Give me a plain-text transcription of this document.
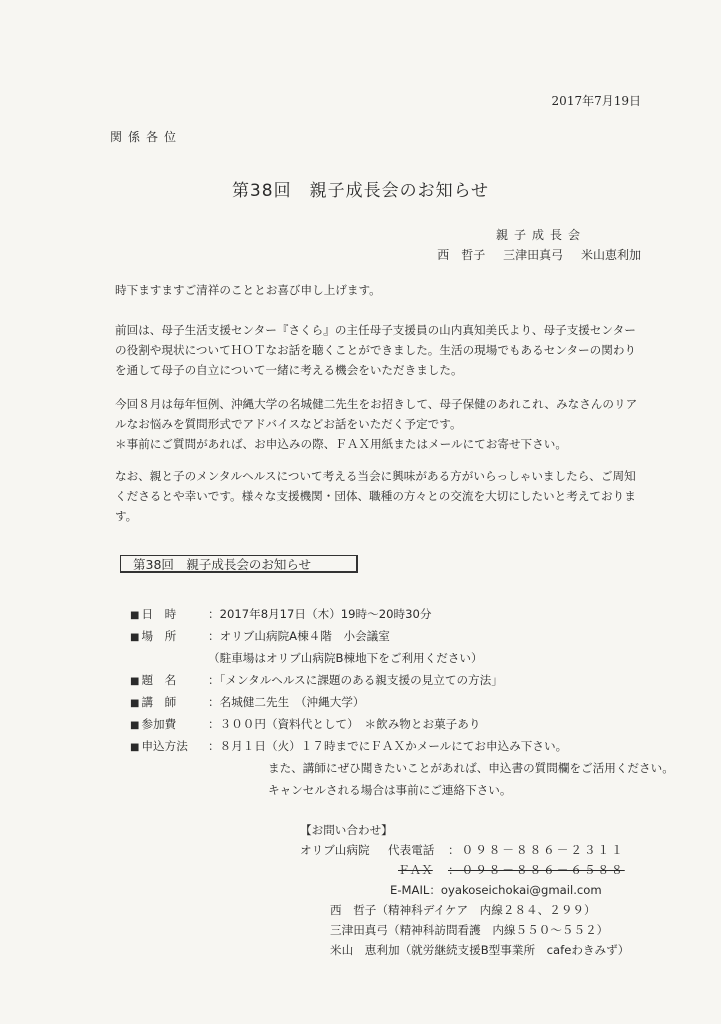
2017年7月19日
関係各位
第38回　親子成長会のお知らせ
親子成長会
西　哲子 三津田真弓 米山恵利加
時下ますますご清祥のこととお喜び申し上げます。
前回は、母子生活支援センター『さくら』の主任母子支援員の山内真知美氏より、母子支援センターの役割や現状についてＨＯＴなお話を聴くことができました。生活の現場でもあるセンターの関わりを通して母子の自立について一緒に考える機会をいただきました。
今回８月は毎年恒例、沖縄大学の名城健二先生をお招きして、母子保健のあれこれ、みなさんのリアルなお悩みを質問形式でアドバイスなどお話をいただく予定です。
＊事前にご質問があれば、お申込みの際、ＦＡＸ用紙またはメールにてお寄せ下さい。
なお、親と子のメンタルヘルスについて考える当会に興味がある方がいらっしゃいましたら、ご周知くださるとや幸いです。様々な支援機関・団体、職種の方々との交流を大切にしたいと考えております。
第38回　親子成長会のお知らせ
■ 日　時	：2017年8月17日（木）19時～20時30分
■ 場　所	：オリブ山病院A棟４階　小会議室
（駐車場はオリブ山病院B棟地下をご利用ください）
■ 題　名	：「メンタルヘルスに課題のある親支援の見立ての方法」
■ 講　師	：名城健二先生　（沖縄大学）
■ 参加費	：３００円（資料代として）　＊飲み物とお菓子あり
■ 申込方法	：８月１日（火）１７時までにＦＡＸかメールにてお申込み下さい。
また、講師にぜひ聞きたいことがあれば、申込書の質問欄をご活用ください。
キャンセルされる場合は事前にご連絡下さい。
【お問い合わせ】
オリブ山病院	代表電話	：０９８－８８６－２３１１
ＦＡＸ	：０９８－８８６－６５８８
E-MAIL ：oyakoseichokai@gmail.com
西　哲子（精神科デイケア　内線２８４、２９９）
三津田真弓（精神科訪問看護　内線５５０～５５２）
米山　恵利加（就労継続支援B型事業所　cafeわきみず）
